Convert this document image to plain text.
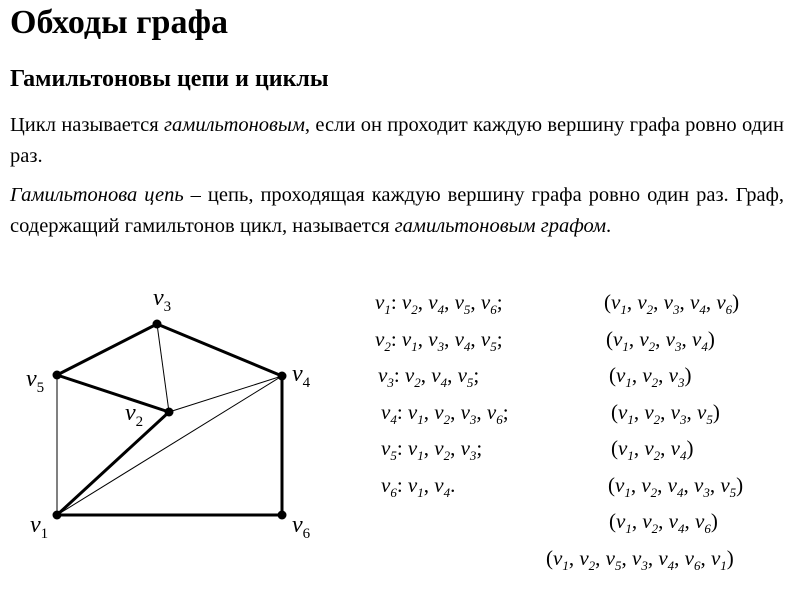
Обходы графа
Гамильтоновы цепи и циклы

Цикл называется гамильтоновым, если он проходит каждую вершину графа ровно один раз.

Гамильтонова цепь – цепь, проходящая каждую вершину графа ровно один раз. Граф, содержащий гамильтонов цикл, называется гамильтоновым графом.

$v_1$
$v_2$
$v_3$
$v_4$
$v_5$
$v_6$
$v_1$: $v_2$, $v_4$, $v_5$, $v_6$;
$v_2$: $v_1$, $v_3$, $v_4$, $v_5$;
$v_3$: $v_2$, $v_4$, $v_5$;
$v_4$: $v_1$, $v_2$, $v_3$, $v_6$;
$v_5$: $v_1$, $v_2$, $v_3$;
$v_6$: $v_1$, $v_4$.
($v_1$, $v_2$, $v_3$, $v_4$, $v_6$)
($v_1$, $v_2$, $v_3$, $v_4$)
($v_1$, $v_2$, $v_3$)
($v_1$, $v_2$, $v_3$, $v_5$)
($v_1$, $v_2$, $v_4$)
($v_1$, $v_2$, $v_4$, $v_3$, $v_5$)
($v_1$, $v_2$, $v_4$, $v_6$)
($v_1$, $v_2$, $v_5$, $v_3$, $v_4$, $v_6$, $v_1$)
